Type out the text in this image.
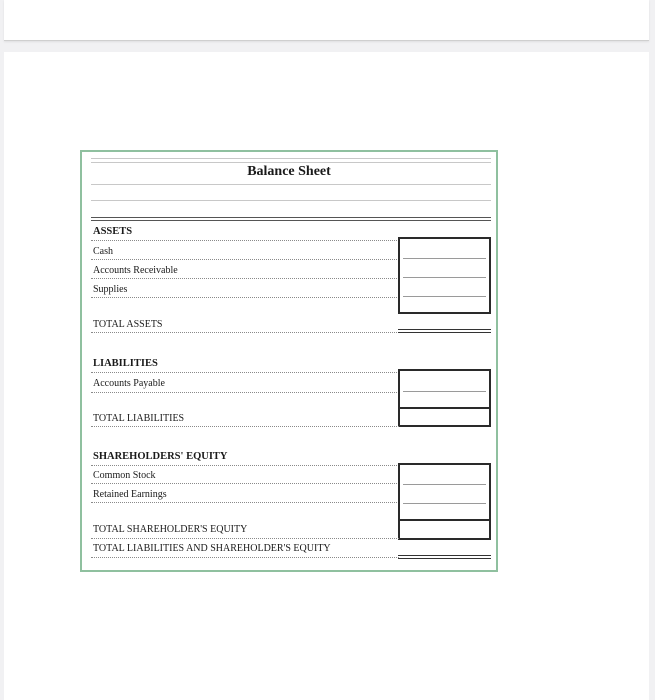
Balance Sheet
ASSETS
Cash
Accounts Receivable
Supplies
TOTAL ASSETS
LIABILITIES
Accounts Payable
TOTAL LIABILITIES
SHAREHOLDERS' EQUITY
Common Stock
Retained Earnings
TOTAL SHAREHOLDER'S EQUITY
TOTAL LIABILITIES AND SHAREHOLDER'S EQUITY
